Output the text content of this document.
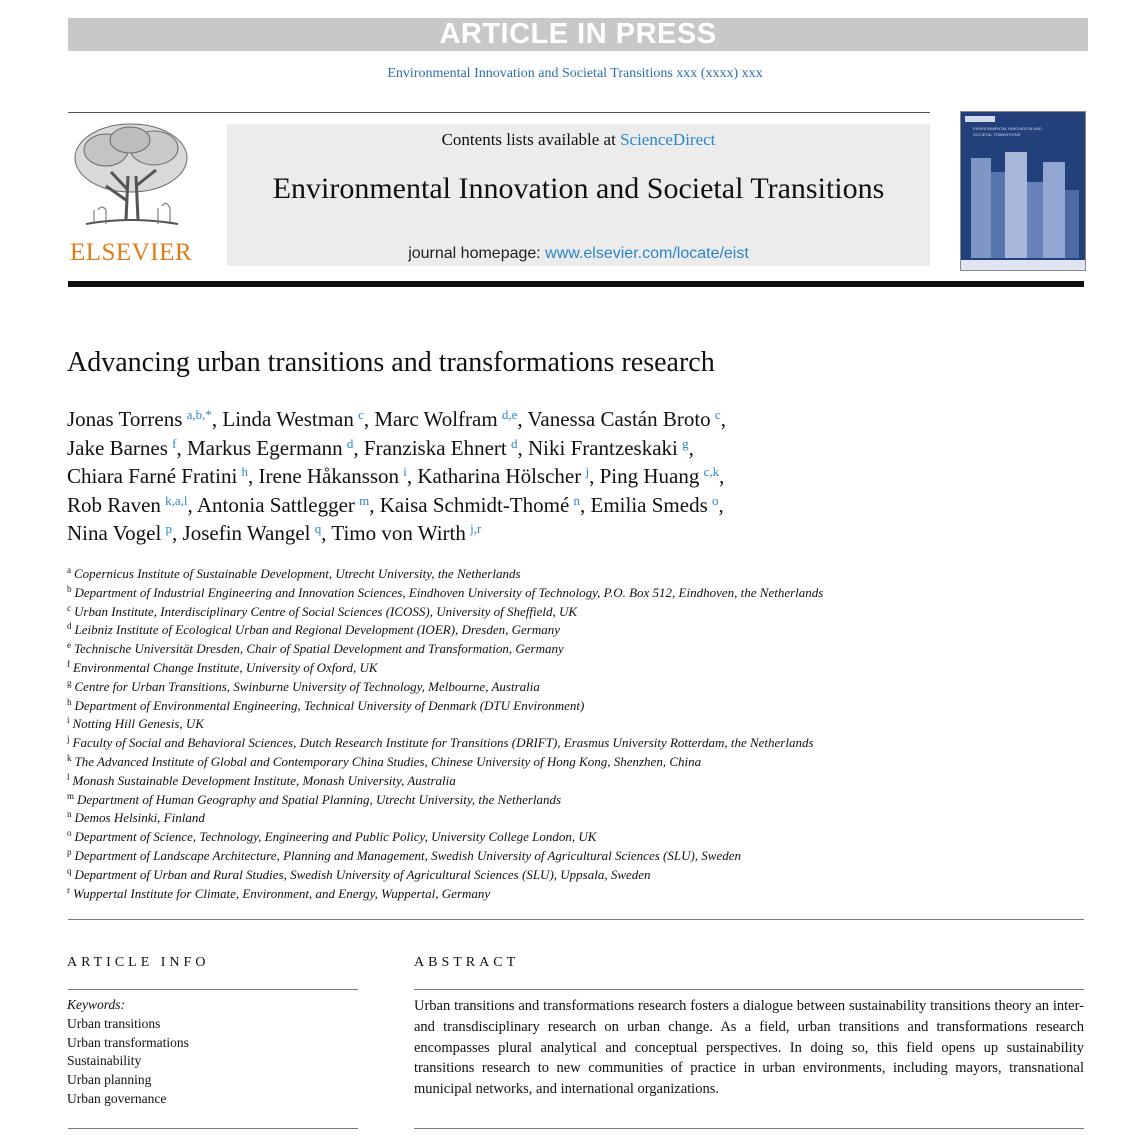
ARTICLE IN PRESS
Environmental Innovation and Societal Transitions xxx (xxxx) xxx
ELSEVIER
Contents lists available at ScienceDirect
Environmental Innovation and Societal Transitions
journal homepage: www.elsevier.com/locate/eist
ENVIRONMENTAL INNOVATION AND
SOCIETAL TRANSITIONS
Advancing urban transitions and transformations research
Jonas Torrens  $^{a,b,*}$, Linda Westman  $^c$, Marc Wolfram  $^{d,e}$, Vanessa Castán Broto  $^c$,
Jake Barnes  $^f$, Markus Egermann  $^d$, Franziska Ehnert  $^d$, Niki Frantzeskaki  $^g$,
Chiara Farné Fratini  $^h$, Irene Håkansson  $^i$, Katharina Hölscher  $^j$, Ping Huang  $^{c,k}$,
Rob Raven  $^{k,a,l}$, Antonia Sattlegger  $^m$, Kaisa Schmidt-Thomé  $^n$, Emilia Smeds  $^o$,
Nina Vogel  $^p$, Josefin Wangel  $^q$, Timo von Wirth  $^{j,r}$
$^a$ Copernicus Institute of Sustainable Development, Utrecht University, the Netherlands
$^b$ Department of Industrial Engineering and Innovation Sciences, Eindhoven University of Technology, P.O. Box 512, Eindhoven, the Netherlands
$^c$ Urban Institute, Interdisciplinary Centre of Social Sciences (ICOSS), University of Sheffield, UK
$^d$ Leibniz Institute of Ecological Urban and Regional Development (IOER), Dresden, Germany
$^e$ Technische Universität Dresden, Chair of Spatial Development and Transformation, Germany
$^f$ Environmental Change Institute, University of Oxford, UK
$^g$ Centre for Urban Transitions, Swinburne University of Technology, Melbourne, Australia
$^h$ Department of Environmental Engineering, Technical University of Denmark (DTU Environment)
$^i$ Notting Hill Genesis, UK
$^j$ Faculty of Social and Behavioral Sciences, Dutch Research Institute for Transitions (DRIFT), Erasmus University Rotterdam, the Netherlands
$^k$ The Advanced Institute of Global and Contemporary China Studies, Chinese University of Hong Kong, Shenzhen, China
$^l$ Monash Sustainable Development Institute, Monash University, Australia
$^m$ Department of Human Geography and Spatial Planning, Utrecht University, the Netherlands
$^n$ Demos Helsinki, Finland
$^o$ Department of Science, Technology, Engineering and Public Policy, University College London, UK
$^p$ Department of Landscape Architecture, Planning and Management, Swedish University of Agricultural Sciences (SLU), Sweden
$^q$ Department of Urban and Rural Studies, Swedish University of Agricultural Sciences (SLU), Uppsala, Sweden
$^r$ Wuppertal Institute for Climate, Environment, and Energy, Wuppertal, Germany
ARTICLE INFO	ABSTRACT
Keywords:
Urban transitions
Urban transformations
Sustainability
Urban planning
Urban governance
Urban transitions and transformations research fosters a dialogue between sustainability transitions theory an inter- and transdisciplinary research on urban change. As a field, urban transitions and transformations research encompasses plural analytical and conceptual perspectives. In doing so, this field opens up sustainability transitions research to new communities of practice in urban environments, including mayors, transnational municipal networks, and international organizations.
